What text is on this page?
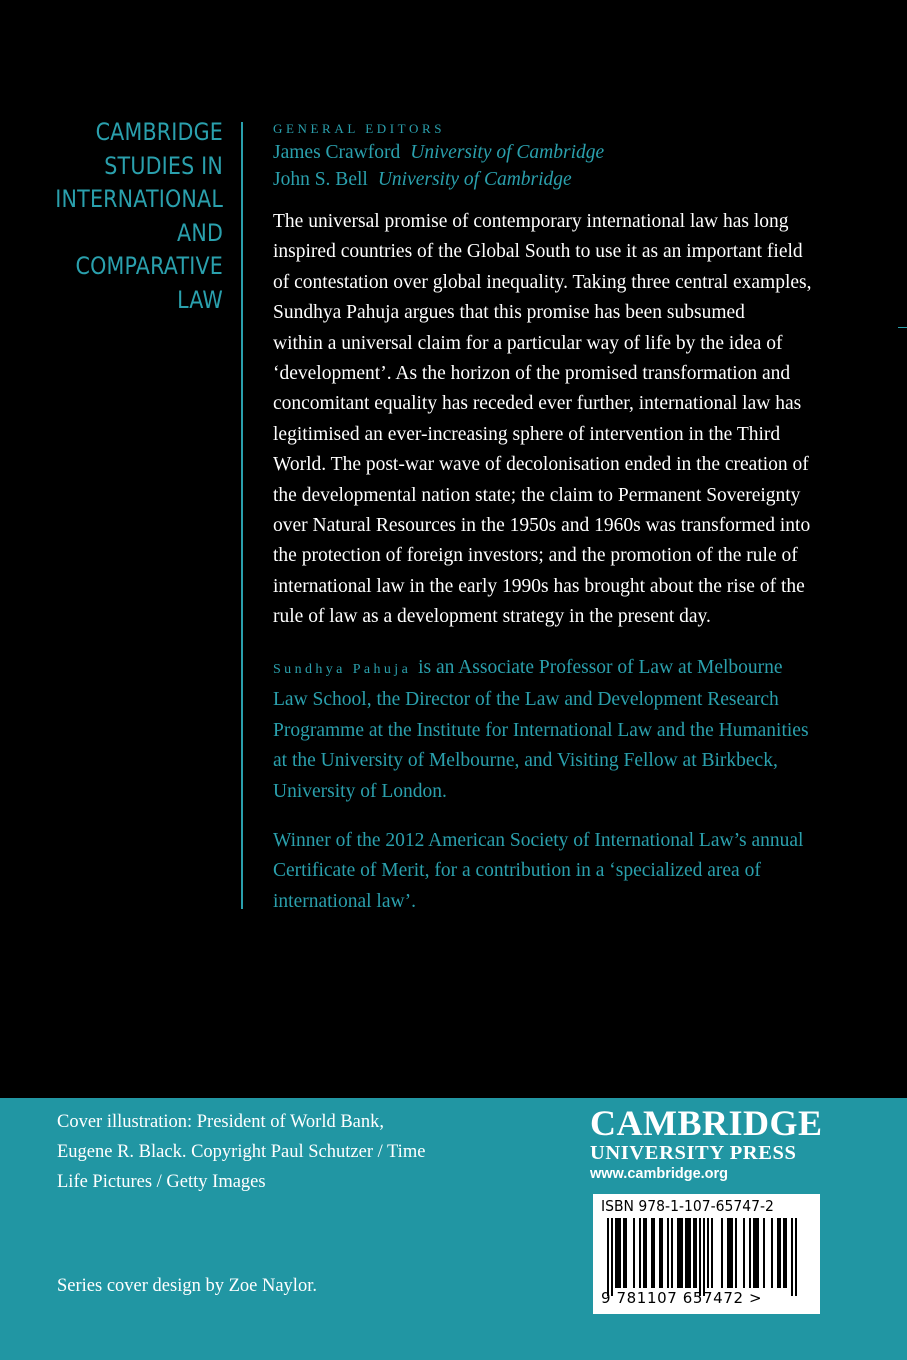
CAMBRIDGE
STUDIES IN
INTERNATIONAL
AND
COMPARATIVE
LAW
GENERAL EDITORS
James Crawford University of Cambridge
John S. Bell University of Cambridge
The universal promise of contemporary international law has long
inspired countries of the Global South to use it as an important field
of contestation over global inequality. Taking three central examples,
Sundhya Pahuja argues that this promise has been subsumed
within a universal claim for a particular way of life by the idea of
‘development’. As the horizon of the promised transformation and
concomitant equality has receded ever further, international law has
legitimised an ever-increasing sphere of intervention in the Third
World. The post-war wave of decolonisation ended in the creation of
the developmental nation state; the claim to Permanent Sovereignty
over Natural Resources in the 1950s and 1960s was transformed into
the protection of foreign investors; and the promotion of the rule of
international law in the early 1990s has brought about the rise of the
rule of law as a development strategy in the present day.
Sundhya Pahuja is an Associate Professor of Law at Melbourne
Law School, the Director of the Law and Development Research
Programme at the Institute for International Law and the Humanities
at the University of Melbourne, and Visiting Fellow at Birkbeck,
University of London.
Winner of the 2012 American Society of International Law’s annual
Certificate of Merit, for a contribution in a ‘specialized area of
international law’.
Cover illustration: President of World Bank,
Eugene R. Black. Copyright Paul Schutzer / Time
Life Pictures / Getty Images
Series cover design by Zoe Naylor.
CAMBRIDGE
UNIVERSITY PRESS
www.cambridge.org
ISBN 978-1-107-65747-2
9 781107 657472 >
